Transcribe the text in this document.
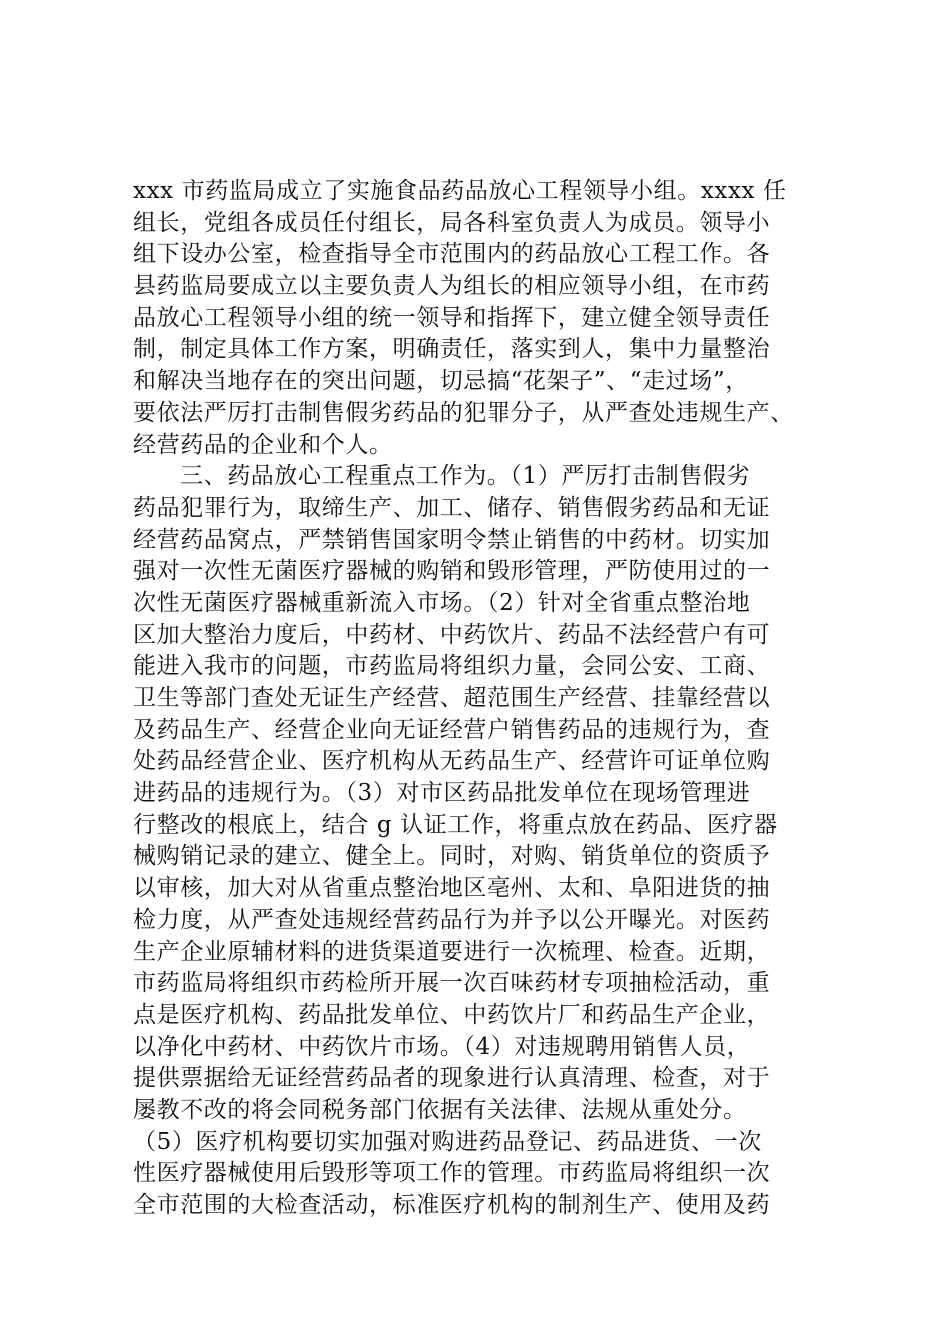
xxx 市药监局成立了实施食品药品放心工程领导小组。xxxx 任
组长，党组各成员任付组长，局各科室负责人为成员。领导小
组下设办公室，检查指导全市范围内的药品放心工程工作。各
县药监局要成立以主要负责人为组长的相应领导小组，在市药
品放心工程领导小组的统一领导和指挥下，建立健全领导责任
制，制定具体工作方案，明确责任，落实到人，集中力量整治
和解决当地存在的突出问题，切忌搞“花架子”、“走过场”，
要依法严厉打击制售假劣药品的犯罪分子，从严查处违规生产、
经营药品的企业和个人。
三、药品放心工程重点工作为。（1）严厉打击制售假劣
药品犯罪行为，取缔生产、加工、储存、销售假劣药品和无证
经营药品窝点，严禁销售国家明令禁止销售的中药材。切实加
强对一次性无菌医疗器械的购销和毁形管理，严防使用过的一
次性无菌医疗器械重新流入市场。（2）针对全省重点整治地
区加大整治力度后，中药材、中药饮片、药品不法经营户有可
能进入我市的问题，市药监局将组织力量，会同公安、工商、
卫生等部门查处无证生产经营、超范围生产经营、挂靠经营以
及药品生产、经营企业向无证经营户销售药品的违规行为，查
处药品经营企业、医疗机构从无药品生产、经营许可证单位购
进药品的违规行为。（3）对市区药品批发单位在现场管理进
行整改的根底上，结合 g 认证工作，将重点放在药品、医疗器
械购销记录的建立、健全上。同时，对购、销货单位的资质予
以审核，加大对从省重点整治地区亳州、太和、阜阳进货的抽
检力度，从严查处违规经营药品行为并予以公开曝光。对医药
生产企业原辅材料的进货渠道要进行一次梳理、检查。近期，
市药监局将组织市药检所开展一次百味药材专项抽检活动，重
点是医疗机构、药品批发单位、中药饮片厂和药品生产企业，
以净化中药材、中药饮片市场。（4）对违规聘用销售人员，
提供票据给无证经营药品者的现象进行认真清理、检查，对于
屡教不改的将会同税务部门依据有关法律、法规从重处分。
（5）医疗机构要切实加强对购进药品登记、药品进货、一次
性医疗器械使用后毁形等项工作的管理。市药监局将组织一次
全市范围的大检查活动，标准医疗机构的制剂生产、使用及药
